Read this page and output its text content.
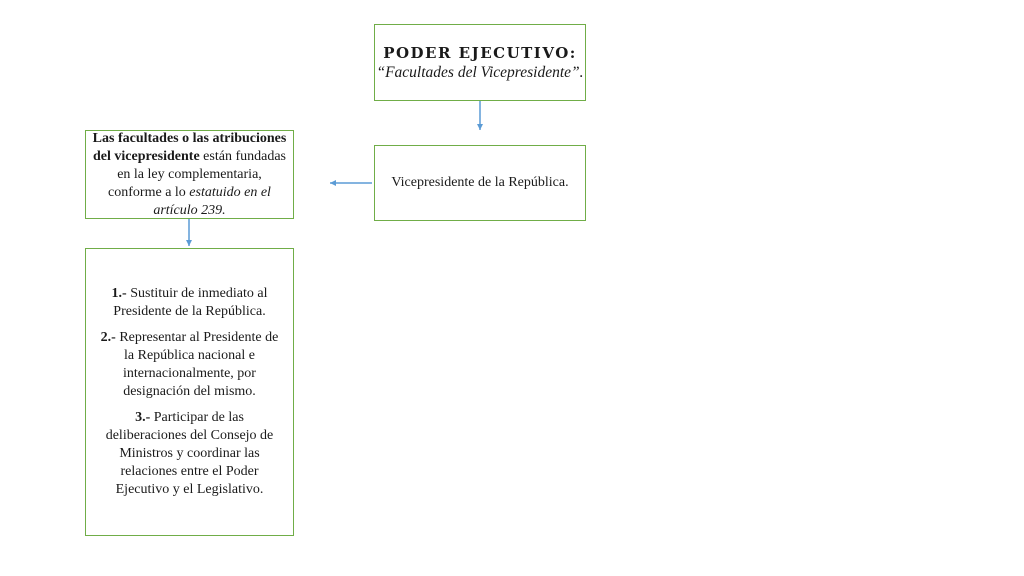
PODER EJECUTIVO:
“Facultades del Vicepresidente”.
Vicepresidente de la República.
Las facultades o las atribuciones del vicepresidente están fundadas en la ley complementaria, conforme a lo estatuido en el artículo 239.

1.- Sustituir de inmediato al Presidente de la República.

2.- Representar al Presidente de la República nacional e internacionalmente, por designación del mismo.

3.- Participar de las deliberaciones del Consejo de Ministros y coordinar las relaciones entre el Poder Ejecutivo y el Legislativo.
